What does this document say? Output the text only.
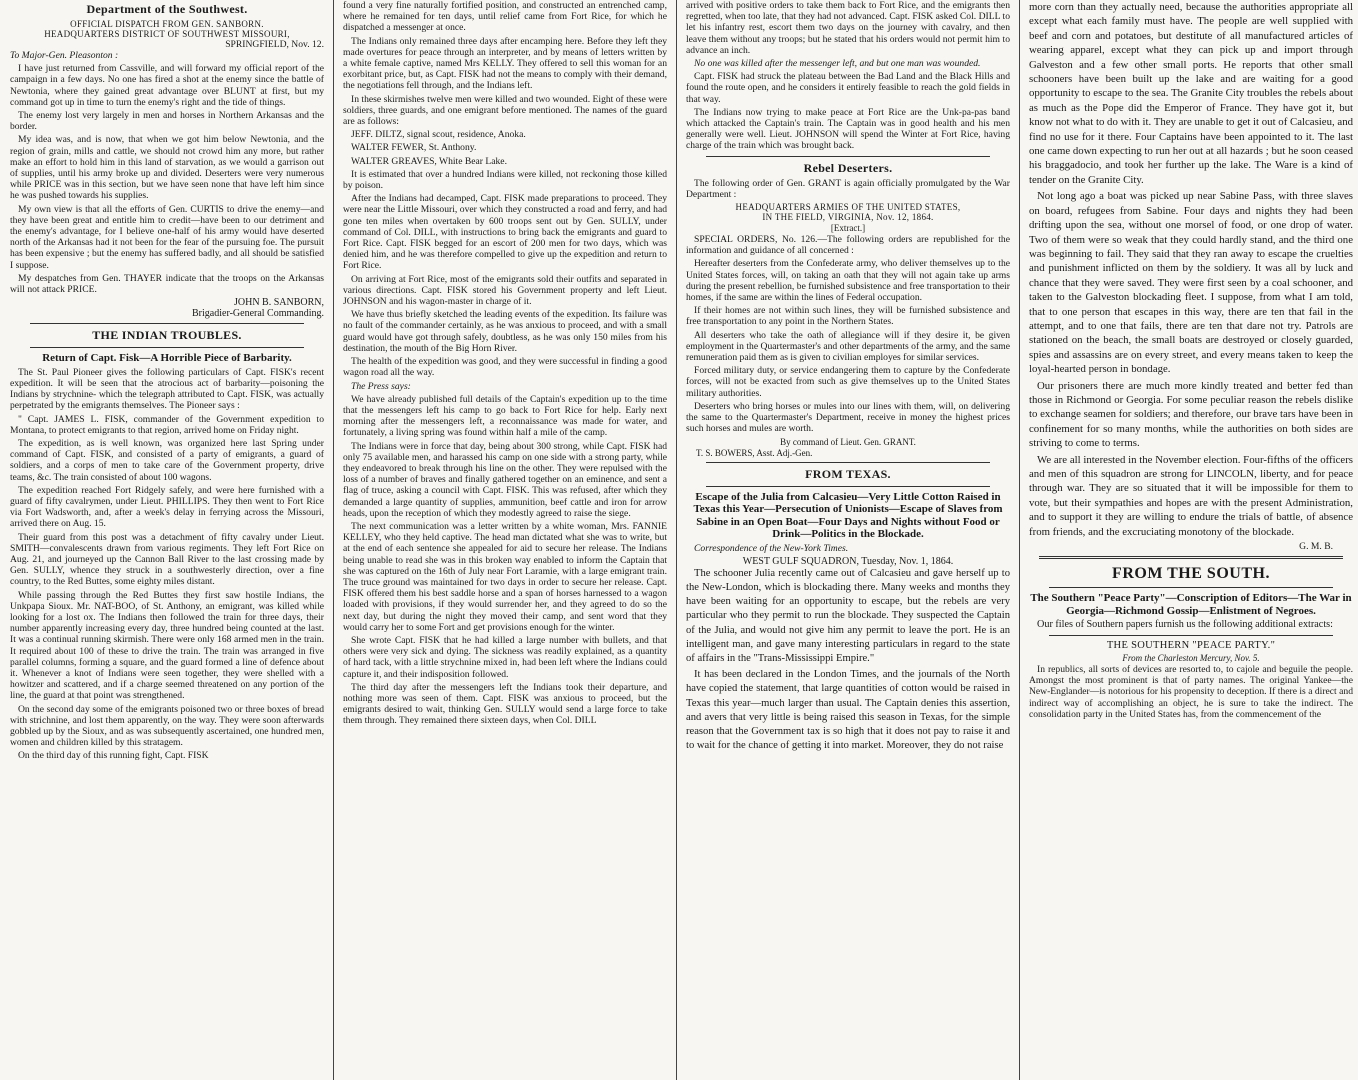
Department of the Southwest.
OFFICIAL DISPATCH FROM GEN. SANBORN.
HEADQUARTERS DISTRICT OF SOUTHWEST MISSOURI,
SPRINGFIELD, Nov. 12.

To Major-Gen. Pleasonton :

I have just returned from Cassville, and will forward my official report of the campaign in a few days. No one has fired a shot at the enemy since the battle of Newtonia, where they gained great advantage over BLUNT at first, but my command got up in time to turn the enemy's right and the tide of things.

The enemy lost very largely in men and horses in Northern Arkansas and the border.

My idea was, and is now, that when we got him below Newtonia, and the region of grain, mills and cattle, we should not crowd him any more, but rather make an effort to hold him in this land of starvation, as we would a garrison out of supplies, until his army broke up and divided. Deserters were very numerous while PRICE was in this section, but we have seen none that have left him since he was pushed towards his supplies.

My own view is that all the efforts of Gen. CURTIS to drive the enemy—and they have been great and entitle him to credit—have been to our detriment and the enemy's advantage, for I believe one-half of his army would have deserted north of the Arkansas had it not been for the fear of the pursuing foe. The pursuit has been expensive ; but the enemy has suffered badly, and all should be satisfied I suppose.

My despatches from Gen. THAYER indicate that the troops on the Arkansas will not attack PRICE.

JOHN B. SANBORN,
Brigadier-General Commanding.
THE INDIAN TROUBLES.
Return of Capt. Fisk—A Horrible Piece of Barbarity.

The St. Paul Pioneer gives the following particulars of Capt. FISK's recent expedition. It will be seen that the atrocious act of barbarity—poisoning the Indians by strychnine- which the telegraph attributed to Capt. FISK, was actually perpetrated by the emigrants themselves. The Pioneer says :

" Capt. JAMES L. FISK, commander of the Government expedition to Montana, to protect emigrants to that region, arrived home on Friday night.

The expedition, as is well known, was organized here last Spring under command of Capt. FISK, and consisted of a party of emigrants, a guard of soldiers, and a corps of men to take care of the Government property, drive teams, &c. The train consisted of about 100 wagons.

The expedition reached Fort Ridgely safely, and were here furnished with a guard of fifty cavalrymen, under Lieut. PHILLIPS. They then went to Fort Rice via Fort Wadsworth, and, after a week's delay in ferrying across the Missouri, arrived there on Aug. 15.

Their guard from this post was a detachment of fifty cavalry under Lieut. SMITH—convalescents drawn from various regiments. They left Fort Rice on Aug. 21, and journeyed up the Cannon Ball River to the last crossing made by Gen. SULLY, whence they struck in a southwesterly direction, over a fine country, to the Red Buttes, some eighty miles distant.

While passing through the Red Buttes they first saw hostile Indians, the Unkpapa Sioux. Mr. NAT-BOO, of St. Anthony, an emigrant, was killed while looking for a lost ox. The Indians then followed the train for three days, their number apparently increasing every day, three hundred being counted at the last. It was a continual running skirmish. There were only 168 armed men in the train. It required about 100 of these to drive the train. The train was arranged in five parallel columns, forming a square, and the guard formed a line of defence about it. Whenever a knot of Indians were seen together, they were shelled with a howitzer and scattered, and if a charge seemed threatened on any portion of the line, the guard at that point was strengthened.

On the second day some of the emigrants poisoned two or three boxes of bread with strichnine, and lost them apparently, on the way. They were soon afterwards gobbled up by the Sioux, and as was subsequently ascertained, one hundred men, women and children killed by this stratagem.

On the third day of this running fight, Capt. FISK

found a very fine naturally fortified position, and constructed an entrenched camp, where he remained for ten days, until relief came from Fort Rice, for which he dispatched a messenger at once.

The Indians only remained three days after encamping here. Before they left they made overtures for peace through an interpreter, and by means of letters written by a white female captive, named Mrs KELLY. They offered to sell this woman for an exorbitant price, but, as Capt. FISK had not the means to comply with their demand, the negotiations fell through, and the Indians left.

In these skirmishes twelve men were killed and two wounded. Eight of these were soldiers, three guards, and one emigrant before mentioned. The names of the guard are as follows:

JEFF. DILTZ, signal scout, residence, Anoka.

WALTER FEWER, St. Anthony.

WALTER GREAVES, White Bear Lake.

It is estimated that over a hundred Indians were killed, not reckoning those killed by poison.

After the Indians had decamped, Capt. FISK made preparations to proceed. They were near the Little Missouri, over which they constructed a road and ferry, and had gone ten miles when overtaken by 600 troops sent out by Gen. SULLY, under command of Col. DILL, with instructions to bring back the emigrants and guard to Fort Rice. Capt. FISK begged for an escort of 200 men for two days, which was denied him, and he was therefore compelled to give up the expedition and return to Fort Rice.

On arriving at Fort Rice, most of the emigrants sold their outfits and separated in various directions. Capt. FISK stored his Government property and left Lieut. JOHNSON and his wagon-master in charge of it.

We have thus briefly sketched the leading events of the expedition. Its failure was no fault of the commander certainly, as he was anxious to proceed, and with a small guard would have got through safely, doubtless, as he was only 150 miles from his destination, the mouth of the Big Horn River.

The health of the expedition was good, and they were successful in finding a good wagon road all the way.

The Press says:

We have already published full details of the Captain's expedition up to the time that the messengers left his camp to go back to Fort Rice for help. Early next morning after the messengers left, a reconnaissance was made for water, and fortunately, a living spring was found within half a mile of the camp.

The Indians were in force that day, being about 300 strong, while Capt. FISK had only 75 available men, and harassed his camp on one side with a strong party, while they endeavored to break through his line on the other. They were repulsed with the loss of a number of braves and finally gathered together on an eminence, and sent a flag of truce, asking a council with Capt. FISK. This was refused, after which they demanded a large quantity of supplies, ammunition, beef cattle and iron for arrow heads, upon the reception of which they modestly agreed to raise the siege.

The next communication was a letter written by a white woman, Mrs. FANNIE KELLEY, who they held captive. The head man dictated what she was to write, but at the end of each sentence she appealed for aid to secure her release. The Indians being unable to read she was in this broken way enabled to inform the Captain that she was captured on the 16th of July near Fort Laramie, with a large emigrant train. The truce ground was maintained for two days in order to secure her release. Capt. FISK offered them his best saddle horse and a span of horses harnessed to a wagon loaded with provisions, if they would surrender her, and they agreed to do so the next day, but during the night they moved their camp, and sent word that they would carry her to some Fort and get provisions enough for the winter.

She wrote Capt. FISK that he had killed a large number with bullets, and that others were very sick and dying. The sickness was readily explained, as a quantity of hard tack, with a little strychnine mixed in, had been left where the Indians could capture it, and their indisposition followed.

The third day after the messengers left the Indians took their departure, and nothing more was seen of them. Capt. FISK was anxious to proceed, but the emigrants desired to wait, thinking Gen. SULLY would send a large force to take them through. They remained there sixteen days, when Col. DILL

arrived with positive orders to take them back to Fort Rice, and the emigrants then regretted, when too late, that they had not advanced. Capt. FISK asked Col. DILL to let his infantry rest, escort them two days on the journey with cavalry, and then leave them without any troops; but he stated that his orders would not permit him to advance an inch.

No one was killed after the messenger left, and but one man was wounded.

Capt. FISK had struck the plateau between the Bad Land and the Black Hills and found the route open, and he considers it entirely feasible to reach the gold fields in that way.

The Indians now trying to make peace at Fort Rice are the Unk-pa-pas band which attacked the Captain's train. The Captain was in good health and his men generally were well. Lieut. JOHNSON will spend the Winter at Fort Rice, having charge of the train which was brought back.

Rebel Deserters.

The following order of Gen. GRANT is again officially promulgated by the War Department :

HEADQUARTERS ARMIES OF THE UNITED STATES,
IN THE FIELD, VIRGINIA, Nov. 12, 1864.
[Extract.]

SPECIAL ORDERS, No. 126.—The following orders are republished for the information and guidance of all concerned :

Hereafter deserters from the Confederate army, who deliver themselves up to the United States forces, will, on taking an oath that they will not again take up arms during the present rebellion, be furnished subsistence and free transportation to their homes, if the same are within the lines of Federal occupation.

If their homes are not within such lines, they will be furnished subsistence and free transportation to any point in the Northern States.

All deserters who take the oath of allegiance will if they desire it, be given employment in the Quartermaster's and other departments of the army, and the same remuneration paid them as is given to civilian employes for similar services.

Forced military duty, or service endangering them to capture by the Confederate forces, will not be exacted from such as give themselves up to the United States military authorities.

Deserters who bring horses or mules into our lines with them, will, on delivering the same to the Quartermaster's Department, receive in money the highest prices such horses and mules are worth.

By command of Lieut. Gen. GRANT.
T. S. BOWERS, Asst. Adj.-Gen.
FROM TEXAS.
Escape of the Julia from Calcasieu—Very Little Cotton Raised in Texas this Year—Persecution of Unionists—Escape of Slaves from Sabine in an Open Boat—Four Days and Nights without Food or Drink—Politics in the Blockade.

Correspondence of the New-York Times.

WEST GULF SQUADRON, Tuesday, Nov. 1, 1864.

The schooner Julia recently came out of Calcasieu and gave herself up to the New-London, which is blockading there. Many weeks and months they have been waiting for an opportunity to escape, but the rebels are very particular who they permit to run the blockade. They suspected the Captain of the Julia, and would not give him any permit to leave the port. He is an intelligent man, and gave many interesting particulars in regard to the state of affairs in the "Trans-Mississippi Empire."

It has been declared in the London Times, and the journals of the North have copied the statement, that large quantities of cotton would be raised in Texas this year—much larger than usual. The Captain denies this assertion, and avers that very little is being raised this season in Texas, for the simple reason that the Government tax is so high that it does not pay to raise it and to wait for the chance of getting it into market. Moreover, they do not raise

more corn than they actually need, because the authorities appropriate all except what each family must have. The people are well supplied with beef and corn and potatoes, but destitute of all manufactured articles of wearing apparel, except what they can pick up and import through Galveston and a few other small ports. He reports that other small schooners have been built up the lake and are waiting for a good opportunity to escape to the sea. The Granite City troubles the rebels about as much as the Pope did the Emperor of France. They have got it, but know not what to do with it. They are unable to get it out of Calcasieu, and find no use for it there. Four Captains have been appointed to it. The last one came down expecting to run her out at all hazards ; but he soon ceased his braggadocio, and took her further up the lake. The Ware is a kind of tender on the Granite City.

Not long ago a boat was picked up near Sabine Pass, with three slaves on board, refugees from Sabine. Four days and nights they had been drifting upon the sea, without one morsel of food, or one drop of water. Two of them were so weak that they could hardly stand, and the third one was beginning to fail. They said that they ran away to escape the cruelties and punishment inflicted on them by the soldiery. It was all by luck and chance that they were saved. They were first seen by a coal schooner, and taken to the Galveston blockading fleet. I suppose, from what I am told, that to one person that escapes in this way, there are ten that fail in the attempt, and to one that fails, there are ten that dare not try. Patrols are stationed on the beach, the small boats are destroyed or closely guarded, spies and assassins are on every street, and every means taken to keep the loyal-hearted person in bondage.

Our prisoners there are much more kindly treated and better fed than those in Richmond or Georgia. For some peculiar reason the rebels dislike to exchange seamen for soldiers; and therefore, our brave tars have been in confinement for so many months, while the authorities on both sides are striving to come to terms.

We are all interested in the November election. Four-fifths of the officers and men of this squadron are strong for LINCOLN, liberty, and for peace through war. They are so situated that it will be impossible for them to vote, but their sympathies and hopes are with the present Administration, and to support it they are willing to endure the trials of battle, of absence from friends, and the excruciating monotony of the blockade.

G. M. B.
FROM THE SOUTH.
The Southern "Peace Party"—Conscription of Editors—The War in Georgia—Richmond Gossip—Enlistment of Negroes.

Our files of Southern papers furnish us the following additional extracts:

THE SOUTHERN "PEACE PARTY."
From the Charleston Mercury, Nov. 5.

In republics, all sorts of devices are resorted to, to cajole and beguile the people. Amongst the most prominent is that of party names. The original Yankee—the New-Englander—is notorious for his propensity to deception. If there is a direct and indirect way of accomplishing an object, he is sure to take the indirect. The consolidation party in the United States has, from the commencement of the
